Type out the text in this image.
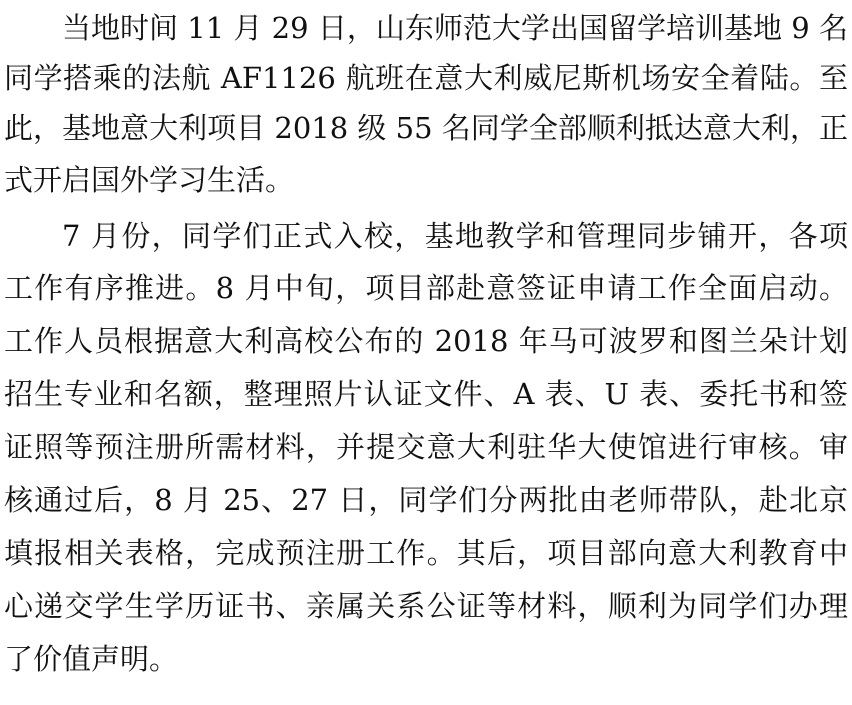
当地时间 11 月 29 日，山东师范大学出国留学培训基地 9 名
同学搭乘的法航 AF1126 航班在意大利威尼斯机场安全着陆。至
此，基地意大利项目 2018 级 55 名同学全部顺利抵达意大利，正
式开启国外学习生活。
7 月份，同学们正式入校，基地教学和管理同步铺开，各项
工作有序推进。8 月中旬，项目部赴意签证申请工作全面启动。
工作人员根据意大利高校公布的 2018 年马可波罗和图兰朵计划
招生专业和名额，整理照片认证文件、A 表、U 表、委托书和签
证照等预注册所需材料，并提交意大利驻华大使馆进行审核。审
核通过后，8 月 25、27 日，同学们分两批由老师带队，赴北京
填报相关表格，完成预注册工作。其后，项目部向意大利教育中
心递交学生学历证书、亲属关系公证等材料，顺利为同学们办理
了价值声明。
